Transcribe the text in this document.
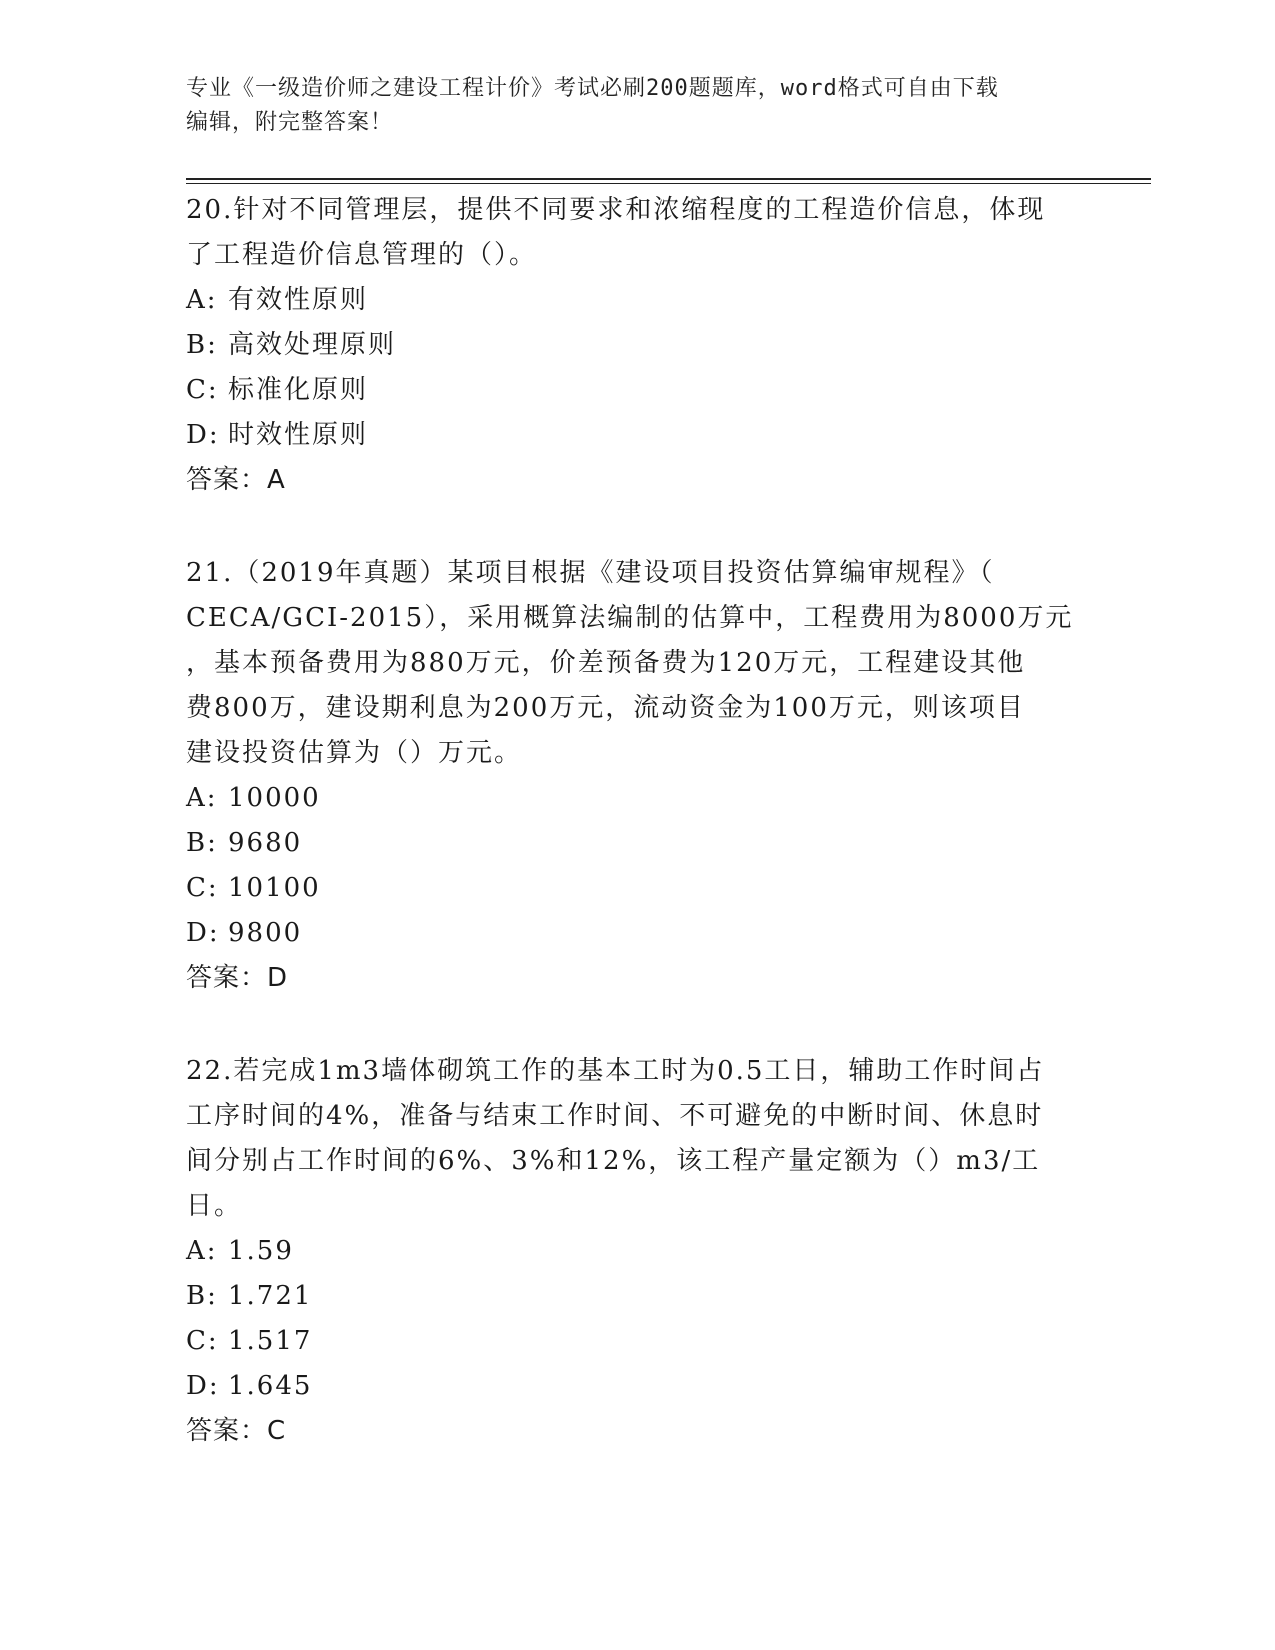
专业《一级造价师之建设工程计价》考试必刷200题题库，word格式可自由下载
编辑，附完整答案！

20.针对不同管理层，提供不同要求和浓缩程度的工程造价信息，体现

了工程造价信息管理的（）。

A: 有效性原则

B: 高效处理原则

C: 标准化原则

D: 时效性原则

答案：A

21.（2019年真题）某项目根据《建设项目投资估算编审规程》（

CECA/GCI-2015），采用概算法编制的估算中，工程费用为8000万元

，基本预备费用为880万元，价差预备费为120万元，工程建设其他

费800万，建设期利息为200万元，流动资金为100万元，则该项目

建设投资估算为（）万元。

A: 10000

B: 9680

C: 10100

D: 9800

答案：D

22.若完成1m3墙体砌筑工作的基本工时为0.5工日，辅助工作时间占

工序时间的4%，准备与结束工作时间、不可避免的中断时间、休息时

间分别占工作时间的6%、3%和12%，该工程产量定额为（）m3/工日。

A: 1.59

B: 1.721

C: 1.517

D: 1.645

答案：C
